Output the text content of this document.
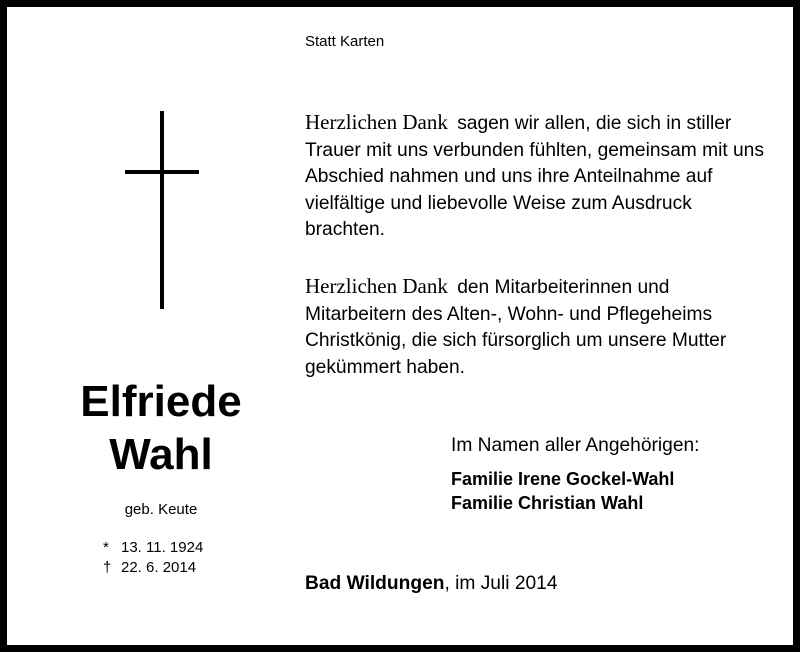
Statt Karten
Elfriede
Wahl
geb. Keute
* 13. 11. 1924
† 22. 6. 2014
Herzlichen Dank sagen wir allen, die sich in stiller Trauer mit uns verbunden fühlten, gemeinsam mit uns Abschied nahmen und uns ihre Anteilnahme auf vielfältige und liebevolle Weise zum Ausdruck brachten.
Herzlichen Dank den Mitarbeiterinnen und Mitarbeitern des Alten-, Wohn- und Pflegeheims Christkönig, die sich fürsorglich um unsere Mutter gekümmert haben.
Im Namen aller Angehörigen:
Familie Irene Gockel-Wahl
Familie Christian Wahl
Bad Wildungen, im Juli 2014
